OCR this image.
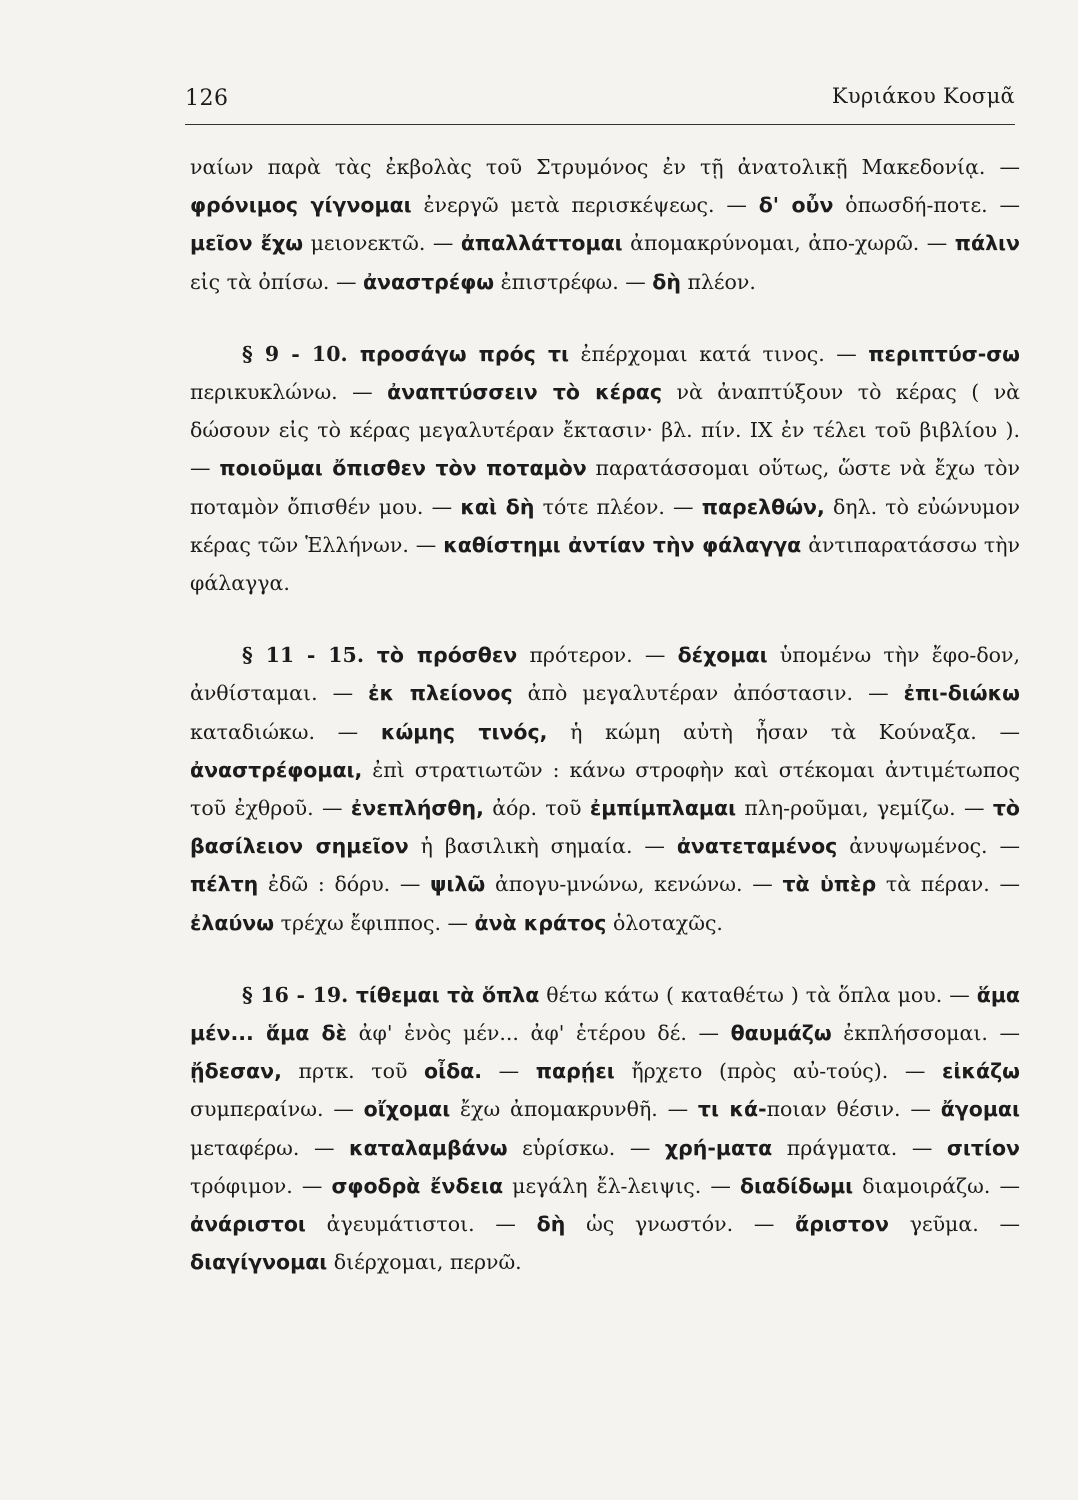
126	Κυριάκου Κοσμᾶ

ναίων παρὰ τὰς ἐκβολὰς τοῦ Στρυμόνος ἐν τῇ ἀνατολικῇ Μακεδονίᾳ. — φρόνιμος γίγνομαι ἐνεργῶ μετὰ περισκέψεως. — δ' οὖν ὁπωσδή-ποτε. — μεῖον ἔχω μειονεκτῶ. — ἀπαλλάττομαι ἀπομακρύνομαι, ἀπο-χωρῶ. — πάλιν εἰς τὰ ὀπίσω. — ἀναστρέφω ἐπιστρέφω. — δὴ πλέον.

§ 9 - 10. προσάγω πρός τι ἐπέρχομαι κατά τινος. — περιπτύσ-σω περικυκλώνω. — ἀναπτύσσειν τὸ κέρας νὰ ἀναπτύξουν τὸ κέρας ( νὰ δώσουν εἰς τὸ κέρας μεγαλυτέραν ἔκτασιν· βλ. πίν. IX ἐν τέλει τοῦ βιβλίου ). — ποιοῦμαι ὄπισθεν τὸν ποταμὸν παρατάσσομαι οὕτως, ὥστε νὰ ἔχω τὸν ποταμὸν ὄπισθέν μου. — καὶ δὴ τότε πλέον. — παρελθών, δηλ. τὸ εὐώνυμον κέρας τῶν Ἑλλήνων. — καθίστημι ἀντίαν τὴν φάλαγγα ἀντιπαρατάσσω τὴν φάλαγγα.

§ 11 - 15. τὸ πρόσθεν πρότερον. — δέχομαι ὑπομένω τὴν ἔφο-δον, ἀνθίσταμαι. — ἐκ πλείονος ἀπὸ μεγαλυτέραν ἀπόστασιν. — ἐπι-διώκω καταδιώκω. — κώμης τινός, ἡ κώμη αὐτὴ ἦσαν τὰ Κούναξα. — ἀναστρέφομαι, ἐπὶ στρατιωτῶν : κάνω στροφὴν καὶ στέκομαι ἀντιμέτωπος τοῦ ἐχθροῦ. — ἐνεπλήσθη, ἀόρ. τοῦ ἐμπίμπλαμαι πλη-ροῦμαι, γεμίζω. — τὸ βασίλειον σημεῖον ἡ βασιλικὴ σημαία. — ἀνατεταμένος ἀνυψωμένος. — πέλτη ἐδῶ : δόρυ. — ψιλῶ ἀπογυ-μνώνω, κενώνω. — τὰ ὑπὲρ τὰ πέραν. — ἐλαύνω τρέχω ἔφιππος. — ἀνὰ κράτος ὁλοταχῶς.

§ 16 - 19. τίθεμαι τὰ ὅπλα θέτω κάτω ( καταθέτω ) τὰ ὅπλα μου. — ἅμα μέν... ἅμα δὲ ἀφ' ἑνὸς μέν... ἀφ' ἑτέρου δέ. — θαυμάζω ἐκπλήσσομαι. — ᾔδεσαν, πρτκ. τοῦ οἶδα. — παρῄει ἤρχετο (πρὸς αὐ-τούς). — εἰκάζω συμπεραίνω. — οἴχομαι ἔχω ἀπομακρυνθῆ. — τι κά-ποιαν θέσιν. — ἄγομαι μεταφέρω. — καταλαμβάνω εὑρίσκω. — χρή-ματα πράγματα. — σιτίον τρόφιμον. — σφοδρὰ ἔνδεια μεγάλη ἔλ-λειψις. — διαδίδωμι διαμοιράζω. — ἀνάριστοι ἀγευμάτιστοι. — δὴ ὡς γνωστόν. — ἄριστον γεῦμα. — διαγίγνομαι διέρχομαι, περνῶ.
